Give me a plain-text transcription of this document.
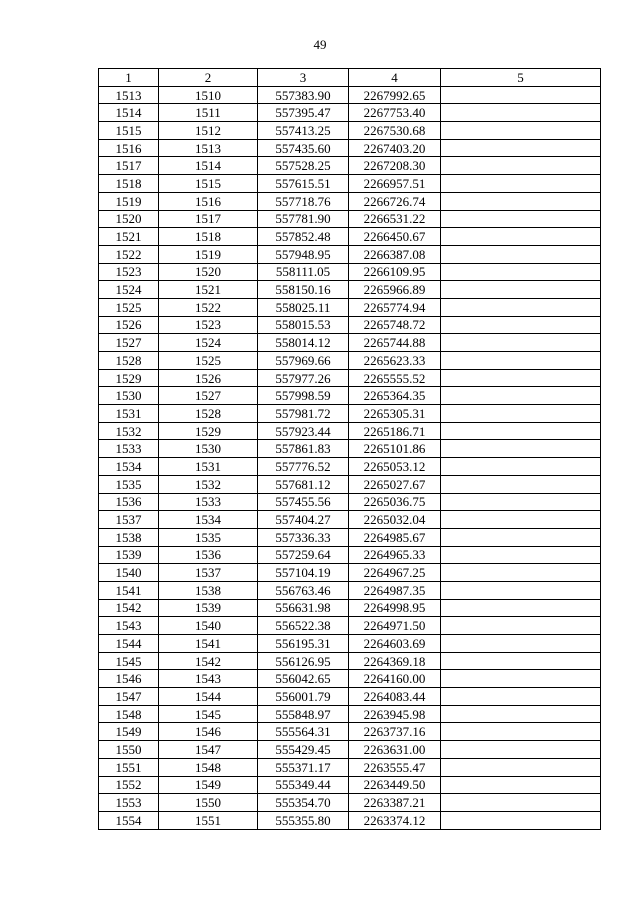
49
1	2	3	4	5
1513	1510	557383.90	2267992.65	
1514	1511	557395.47	2267753.40	
1515	1512	557413.25	2267530.68	
1516	1513	557435.60	2267403.20	
1517	1514	557528.25	2267208.30	
1518	1515	557615.51	2266957.51	
1519	1516	557718.76	2266726.74	
1520	1517	557781.90	2266531.22	
1521	1518	557852.48	2266450.67	
1522	1519	557948.95	2266387.08	
1523	1520	558111.05	2266109.95	
1524	1521	558150.16	2265966.89	
1525	1522	558025.11	2265774.94	
1526	1523	558015.53	2265748.72	
1527	1524	558014.12	2265744.88	
1528	1525	557969.66	2265623.33	
1529	1526	557977.26	2265555.52	
1530	1527	557998.59	2265364.35	
1531	1528	557981.72	2265305.31	
1532	1529	557923.44	2265186.71	
1533	1530	557861.83	2265101.86	
1534	1531	557776.52	2265053.12	
1535	1532	557681.12	2265027.67	
1536	1533	557455.56	2265036.75	
1537	1534	557404.27	2265032.04	
1538	1535	557336.33	2264985.67	
1539	1536	557259.64	2264965.33	
1540	1537	557104.19	2264967.25	
1541	1538	556763.46	2264987.35	
1542	1539	556631.98	2264998.95	
1543	1540	556522.38	2264971.50	
1544	1541	556195.31	2264603.69	
1545	1542	556126.95	2264369.18	
1546	1543	556042.65	2264160.00	
1547	1544	556001.79	2264083.44	
1548	1545	555848.97	2263945.98	
1549	1546	555564.31	2263737.16	
1550	1547	555429.45	2263631.00	
1551	1548	555371.17	2263555.47	
1552	1549	555349.44	2263449.50	
1553	1550	555354.70	2263387.21	
1554	1551	555355.80	2263374.12	
